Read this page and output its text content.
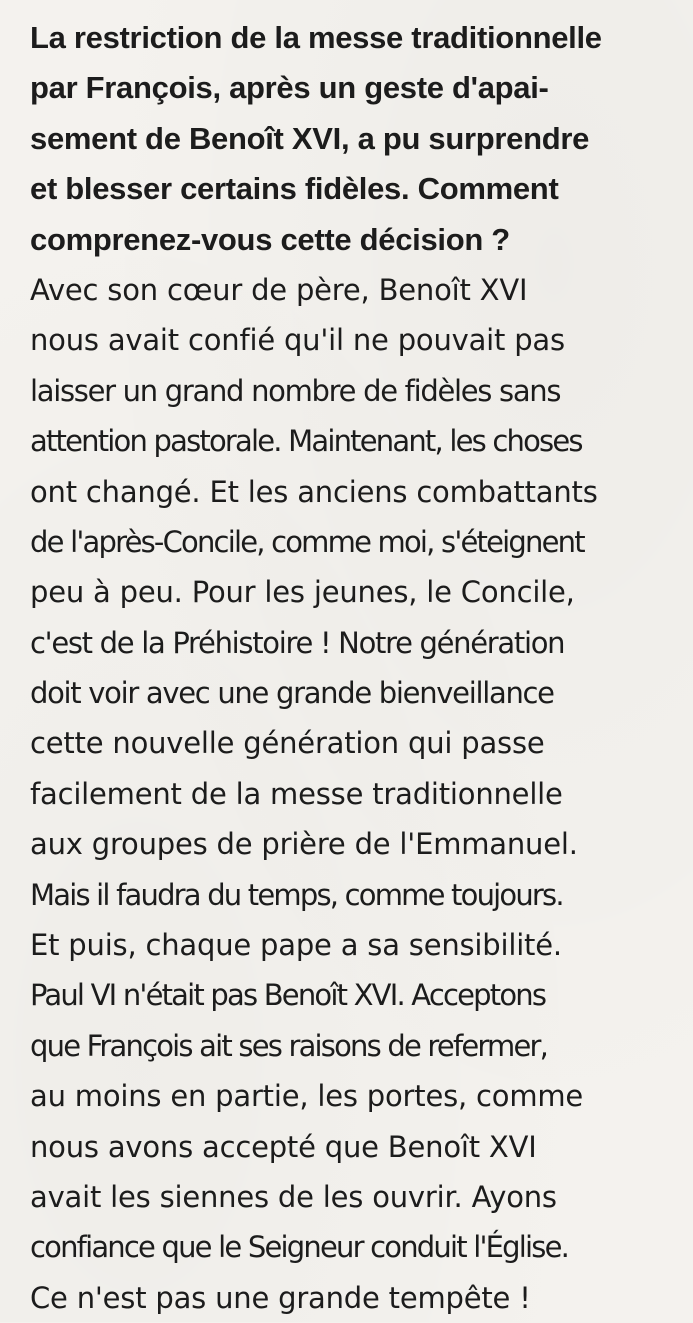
La restriction de la messe traditionnelle
par François, après un geste d'apai-
sement de Benoît XVI, a pu surprendre
et blesser certains fidèles. Comment
comprenez-vous cette décision ?
Avec son cœur de père, Benoît XVI
nous avait confié qu'il ne pouvait pas
laisser un grand nombre de fidèles sans
attention pastorale. Maintenant, les choses
ont changé. Et les anciens combattants
de l'après-Concile, comme moi, s'éteignent
peu à peu. Pour les jeunes, le Concile,
c'est de la Préhistoire ! Notre génération
doit voir avec une grande bienveillance
cette nouvelle génération qui passe
facilement de la messe traditionnelle
aux groupes de prière de l'Emmanuel.
Mais il faudra du temps, comme toujours.
Et puis, chaque pape a sa sensibilité.
Paul VI n'était pas Benoît XVI. Acceptons
que François ait ses raisons de refermer,
au moins en partie, les portes, comme
nous avons accepté que Benoît XVI
avait les siennes de les ouvrir. Ayons
confiance que le Seigneur conduit l'Église.
Ce n'est pas une grande tempête !
